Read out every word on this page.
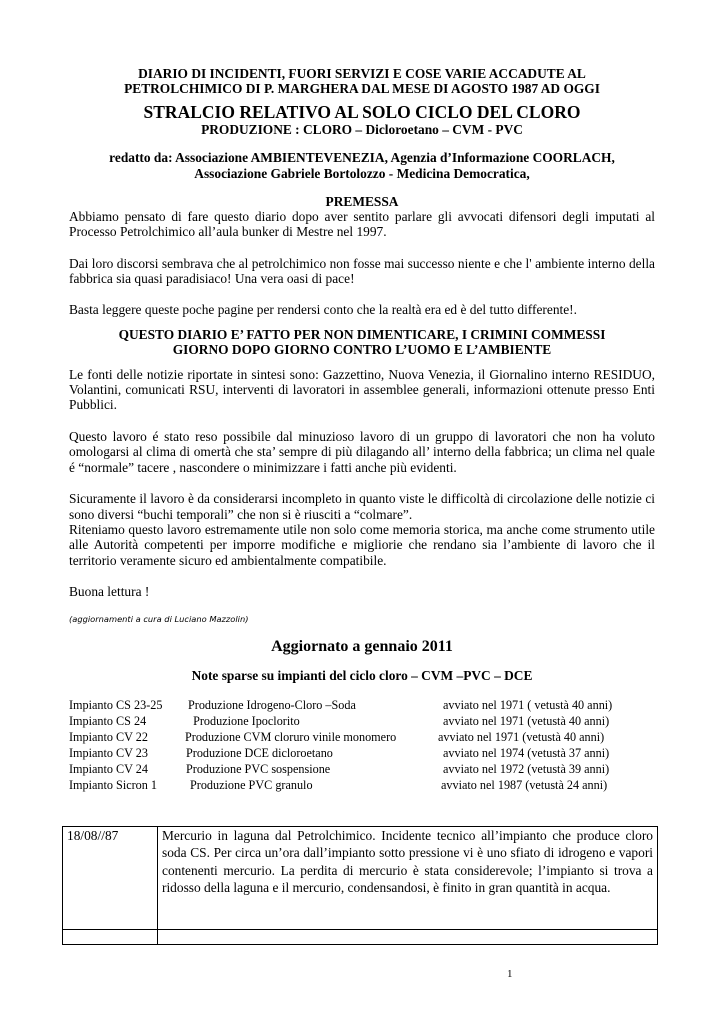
DIARIO DI INCIDENTI, FUORI SERVIZI E COSE VARIE ACCADUTE AL
PETROLCHIMICO DI P. MARGHERA DAL MESE DI AGOSTO 1987 AD OGGI
STRALCIO RELATIVO AL SOLO CICLO DEL CLORO
PRODUZIONE : CLORO – Dicloroetano – CVM - PVC
redatto da: Associazione AMBIENTEVENEZIA, Agenzia d’Informazione COORLACH,
Associazione Gabriele Bortolozzo - Medicina Democratica,
PREMESSA

Abbiamo pensato di fare questo diario dopo aver sentito parlare gli avvocati difensori degli imputati al Processo Petrolchimico all’aula bunker di Mestre nel 1997.

Dai loro discorsi sembrava che al petrolchimico non fosse mai successo niente e che l' ambiente interno della fabbrica sia quasi paradisiaco! Una vera oasi di pace!

Basta leggere queste poche pagine per rendersi conto che la realtà era ed è del tutto differente!.

QUESTO DIARIO E’ FATTO PER NON DIMENTICARE, I CRIMINI COMMESSI
GIORNO DOPO GIORNO CONTRO L’UOMO E L’AMBIENTE

Le fonti delle notizie riportate in sintesi sono: Gazzettino, Nuova Venezia, il Giornalino interno RESIDUO, Volantini, comunicati RSU, interventi di lavoratori in assemblee generali, informazioni ottenute presso Enti Pubblici.

Questo lavoro é stato reso possibile dal minuzioso lavoro di un gruppo di lavoratori che non ha voluto omologarsi al clima di omertà che sta’ sempre di più dilagando all’ interno della fabbrica; un clima nel quale é “normale” tacere , nascondere o minimizzare i fatti anche più evidenti.

Sicuramente il lavoro è da considerarsi incompleto in quanto viste le difficoltà di circolazione delle notizie ci sono diversi “buchi temporali” che non si è riusciti a “colmare”.

Riteniamo questo lavoro estremamente utile non solo come memoria storica, ma anche come strumento utile alle Autorità competenti per imporre modifiche e migliorie che rendano sia l’ambiente di lavoro che il territorio veramente sicuro ed ambientalmente compatibile.

Buona lettura !

(aggiornamenti a cura di Luciano Mazzolin)
Aggiornato a gennaio 2011
Note sparse su impianti del ciclo cloro – CVM –PVC – DCE
Impianto CS 23-25 Produzione Idrogeno-Cloro –Soda	avviato nel 1971 ( vetustà 40 anni)
Impianto CS 24	Produzione Ipoclorito	avviato nel 1971 (vetustà 40 anni)
Impianto CV 22	Produzione CVM cloruro vinile monomero	avviato nel 1971 (vetustà 40 anni)
Impianto CV 23	Produzione DCE dicloroetano	avviato nel 1974 (vetustà 37 anni)
Impianto CV 24	Produzione PVC sospensione	avviato nel 1972 (vetustà 39 anni)
Impianto Sicron 1	Produzione PVC granulo	avviato nel 1987 (vetustà 24 anni)
18/08//87	Mercurio in laguna dal Petrolchimico. Incidente tecnico all’impianto che produce cloro soda CS. Per circa un’ora dall’impianto sotto pressione vi è uno sfiato di idrogeno e vapori contenenti mercurio. La perdita di mercurio è stata considerevole; l’impianto si trova a ridosso della laguna e il mercurio, condensandosi, è finito in gran quantità in acqua.

1
